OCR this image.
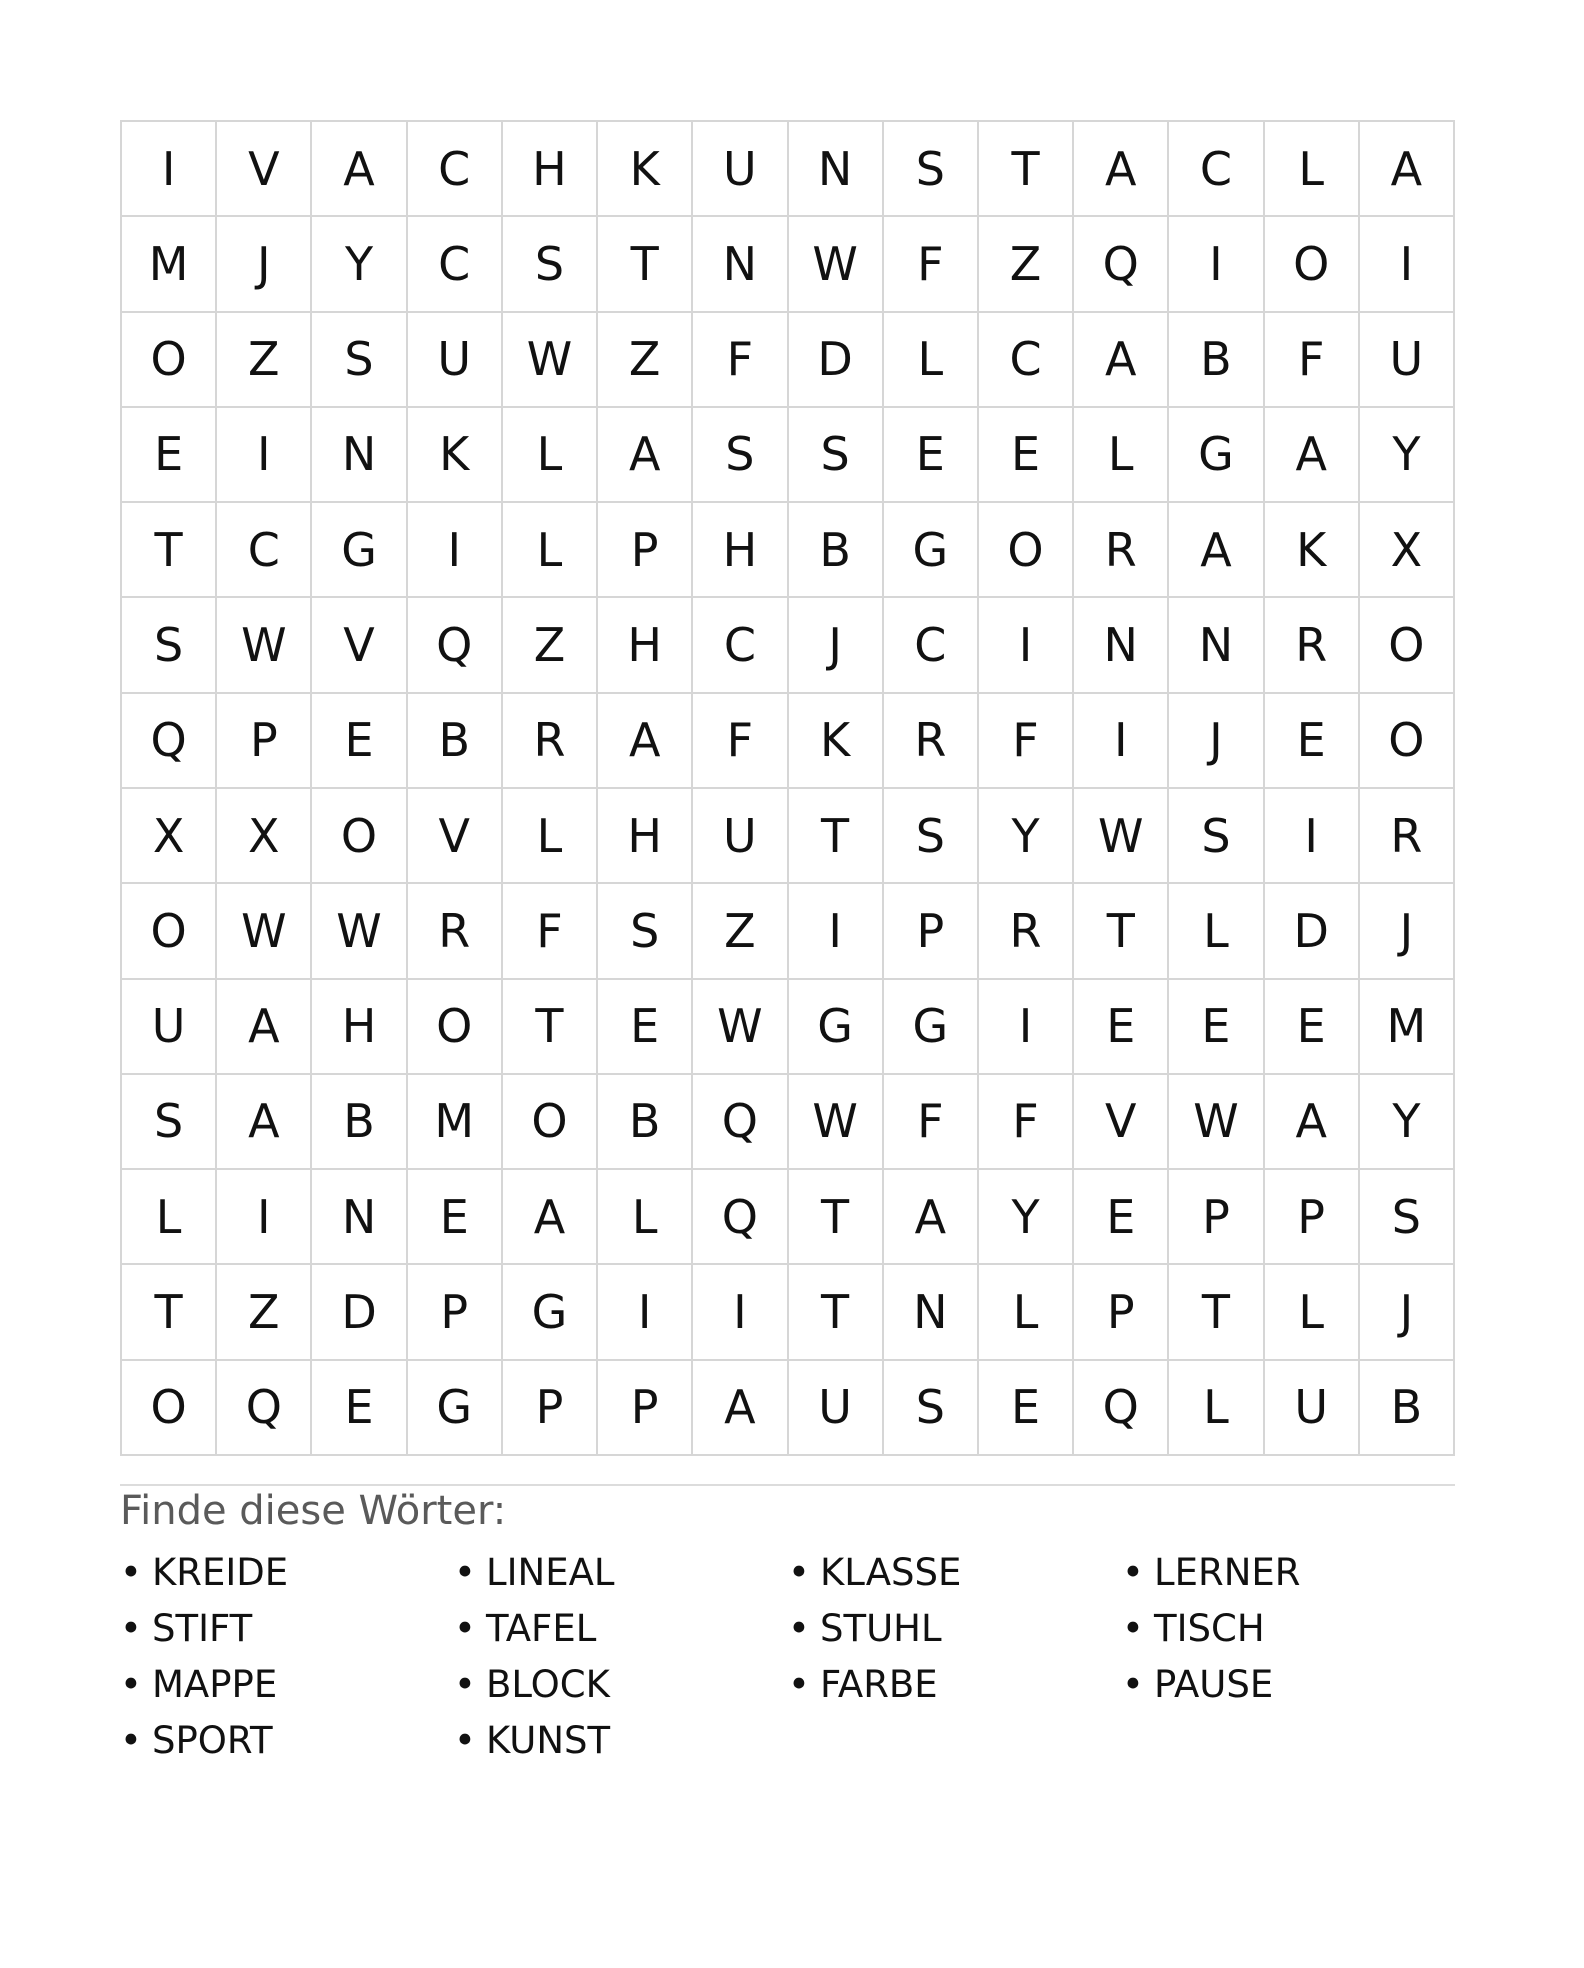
I	V	A	C	H	K	U	N	S	T	A	C	L	A
M	J	Y	C	S	T	N	W	F	Z	Q	I	O	I
O	Z	S	U	W	Z	F	D	L	C	A	B	F	U
E	I	N	K	L	A	S	S	E	E	L	G	A	Y
T	C	G	I	L	P	H	B	G	O	R	A	K	X
S	W	V	Q	Z	H	C	J	C	I	N	N	R	O
Q	P	E	B	R	A	F	K	R	F	I	J	E	O
X	X	O	V	L	H	U	T	S	Y	W	S	I	R
O	W	W	R	F	S	Z	I	P	R	T	L	D	J
U	A	H	O	T	E	W	G	G	I	E	E	E	M
S	A	B	M	O	B	Q	W	F	F	V	W	A	Y
L	I	N	E	A	L	Q	T	A	Y	E	P	P	S
T	Z	D	P	G	I	I	T	N	L	P	T	L	J
O	Q	E	G	P	P	A	U	S	E	Q	L	U	B
Finde diese Wörter:
• KREIDE	• LINEAL	• KLASSE	• LERNER
• STIFT	• TAFEL	• STUHL	• TISCH
• MAPPE	• BLOCK	• FARBE	• PAUSE
• SPORT	• KUNST
